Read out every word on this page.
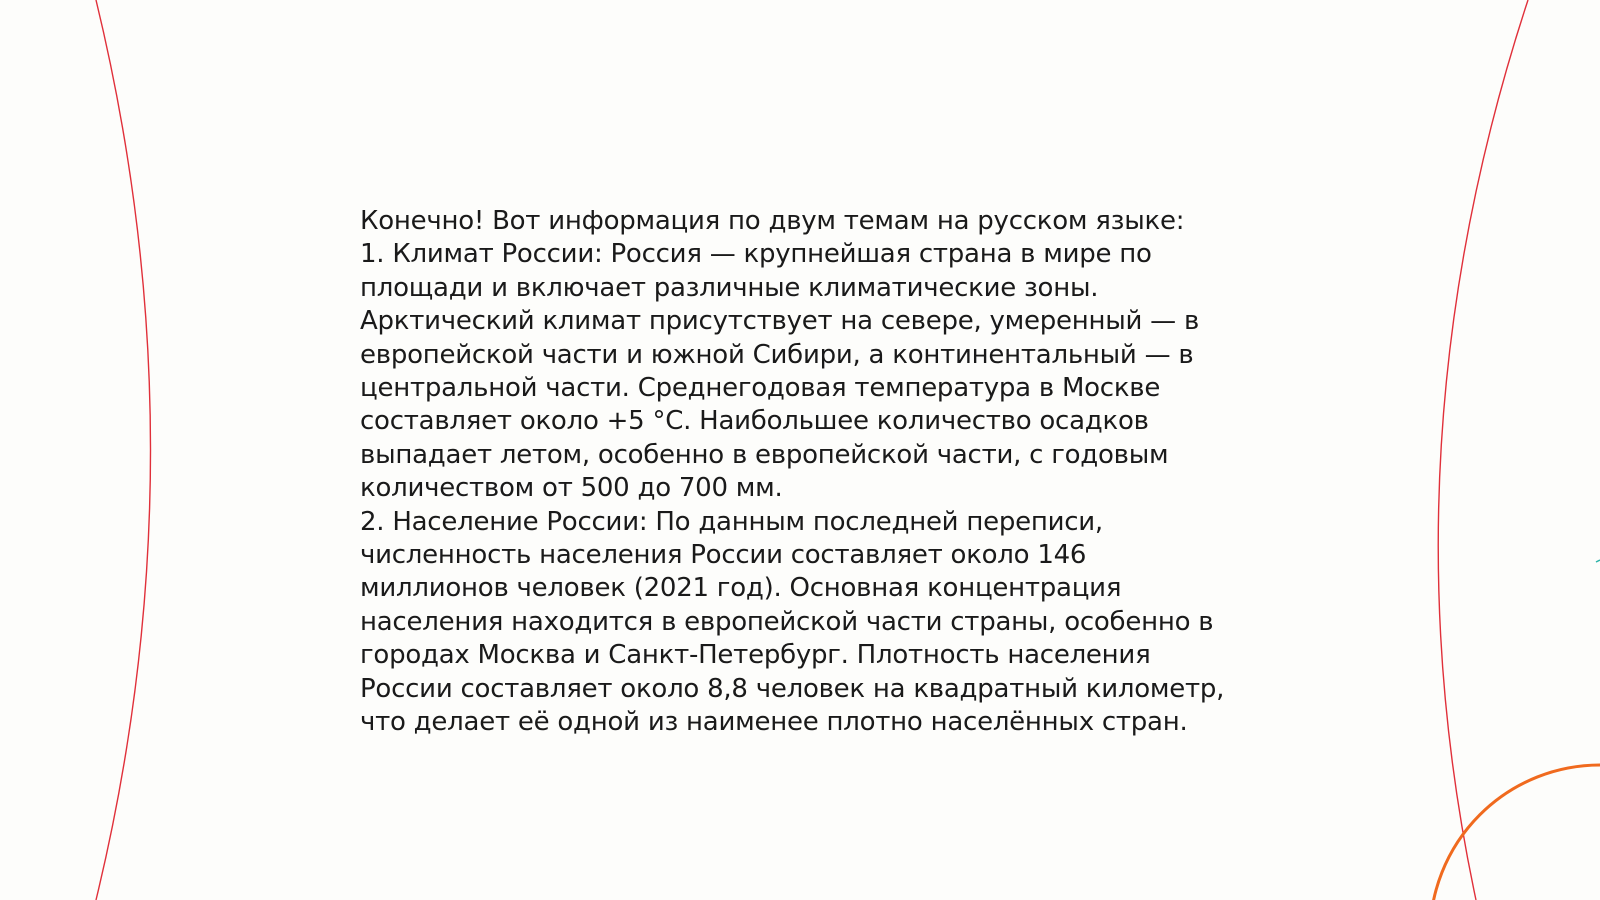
Конечно! Вот информация по двум темам на русском языке:
1. Климат России: Россия — крупнейшая страна в мире по
площади и включает различные климатические зоны.
Арктический климат присутствует на севере, умеренный — в
европейской части и южной Сибири, а континентальный — в
центральной части. Среднегодовая температура в Москве
составляет около +5 °C. Наибольшее количество осадков
выпадает летом, особенно в европейской части, с годовым
количеством от 500 до 700 мм.
2. Население России: По данным последней переписи,
численность населения России составляет около 146
миллионов человек (2021 год). Основная концентрация
населения находится в европейской части страны, особенно в
городах Москва и Санкт-Петербург. Плотность населения
России составляет около 8,8 человек на квадратный километр,
что делает её одной из наименее плотно населённых стран.
